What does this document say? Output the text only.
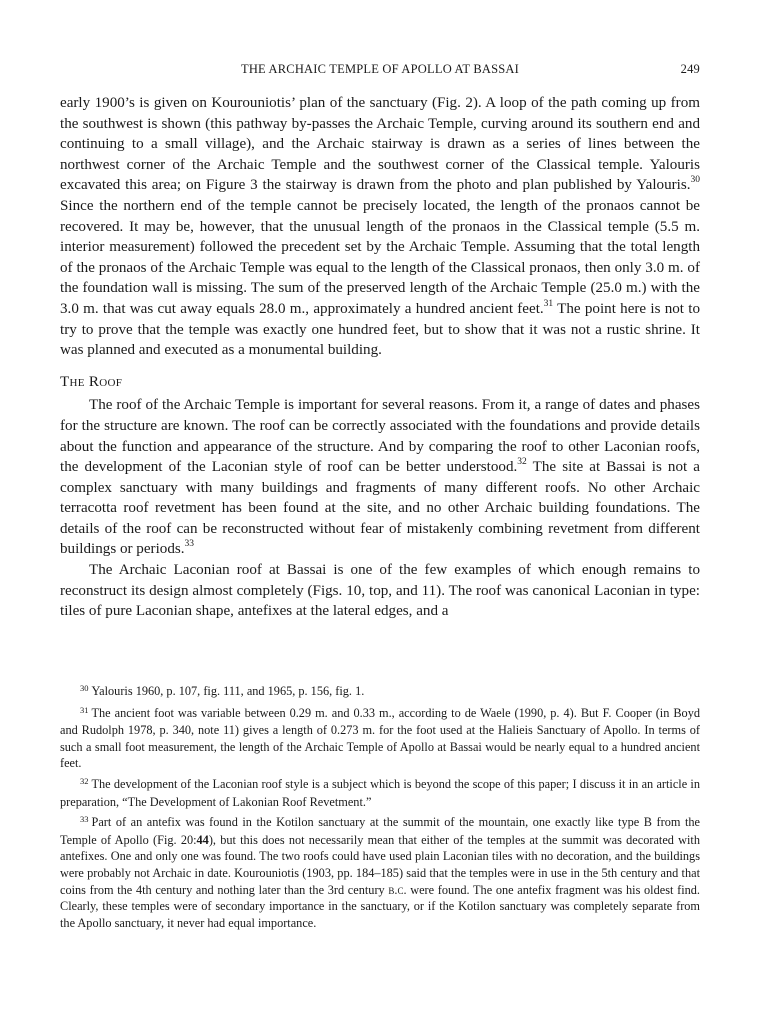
THE ARCHAIC TEMPLE OF APOLLO AT BASSAI	249

early 1900’s is given on Kourouniotis’ plan of the sanctuary (Fig. 2). A loop of the path coming up from the southwest is shown (this pathway by-passes the Archaic Temple, curving around its southern end and continuing to a small village), and the Archaic stairway is drawn as a series of lines between the northwest corner of the Archaic Temple and the southwest corner of the Classical temple. Yalouris excavated this area; on Figure 3 the stairway is drawn from the photo and plan published by Yalouris.$^{30}$ Since the northern end of the temple cannot be precisely located, the length of the pronaos cannot be recovered. It may be, however, that the unusual length of the pronaos in the Classical temple (5.5 m. interior measurement) followed the precedent set by the Archaic Temple. Assuming that the total length of the pronaos of the Archaic Temple was equal to the length of the Classical pronaos, then only 3.0 m. of the foundation wall is missing. The sum of the preserved length of the Archaic Temple (25.0 m.) with the 3.0 m. that was cut away equals 28.0 m., approximately a hundred ancient feet.$^{31}$ The point here is not to try to prove that the temple was exactly one hundred feet, but to show that it was not a rustic shrine. It was planned and executed as a monumental building.

The Roof

The roof of the Archaic Temple is important for several reasons. From it, a range of dates and phases for the structure are known. The roof can be correctly associated with the foundations and provide details about the function and appearance of the structure. And by comparing the roof to other Laconian roofs, the development of the Laconian style of roof can be better understood.$^{32}$ The site at Bassai is not a complex sanctuary with many buildings and fragments of many different roofs. No other Archaic terracotta roof revetment has been found at the site, and no other Archaic building foundations. The details of the roof can be reconstructed without fear of mistakenly combining revetment from different buildings or periods.$^{33}$

The Archaic Laconian roof at Bassai is one of the few examples of which enough remains to reconstruct its design almost completely (Figs. 10, top, and 11). The roof was canonical Laconian in type: tiles of pure Laconian shape, antefixes at the lateral edges, and a

$^{30}$ Yalouris 1960, p. 107, fig. 111, and 1965, p. 156, fig. 1.

$^{31}$ The ancient foot was variable between 0.29 m. and 0.33 m., according to de Waele (1990, p. 4). But F. Cooper (in Boyd and Rudolph 1978, p. 340, note 11) gives a length of 0.273 m. for the foot used at the Halieis Sanctuary of Apollo. In terms of such a small foot measurement, the length of the Archaic Temple of Apollo at Bassai would be nearly equal to a hundred ancient feet.

$^{32}$ The development of the Laconian roof style is a subject which is beyond the scope of this paper; I discuss it in an article in preparation, “The Development of Lakonian Roof Revetment.”

$^{33}$ Part of an antefix was found in the Kotilon sanctuary at the summit of the mountain, one exactly like type B from the Temple of Apollo (Fig. 20:44), but this does not necessarily mean that either of the temples at the summit was decorated with antefixes. One and only one was found. The two roofs could have used plain Laconian tiles with no decoration, and the buildings were probably not Archaic in date. Kourouniotis (1903, pp. 184–185) said that the temples were in use in the 5th century and that coins from the 4th century and nothing later than the 3rd century b.c. were found. The one antefix fragment was his oldest find. Clearly, these temples were of secondary importance in the sanctuary, or if the Kotilon sanctuary was completely separate from the Apollo sanctuary, it never had equal importance.
